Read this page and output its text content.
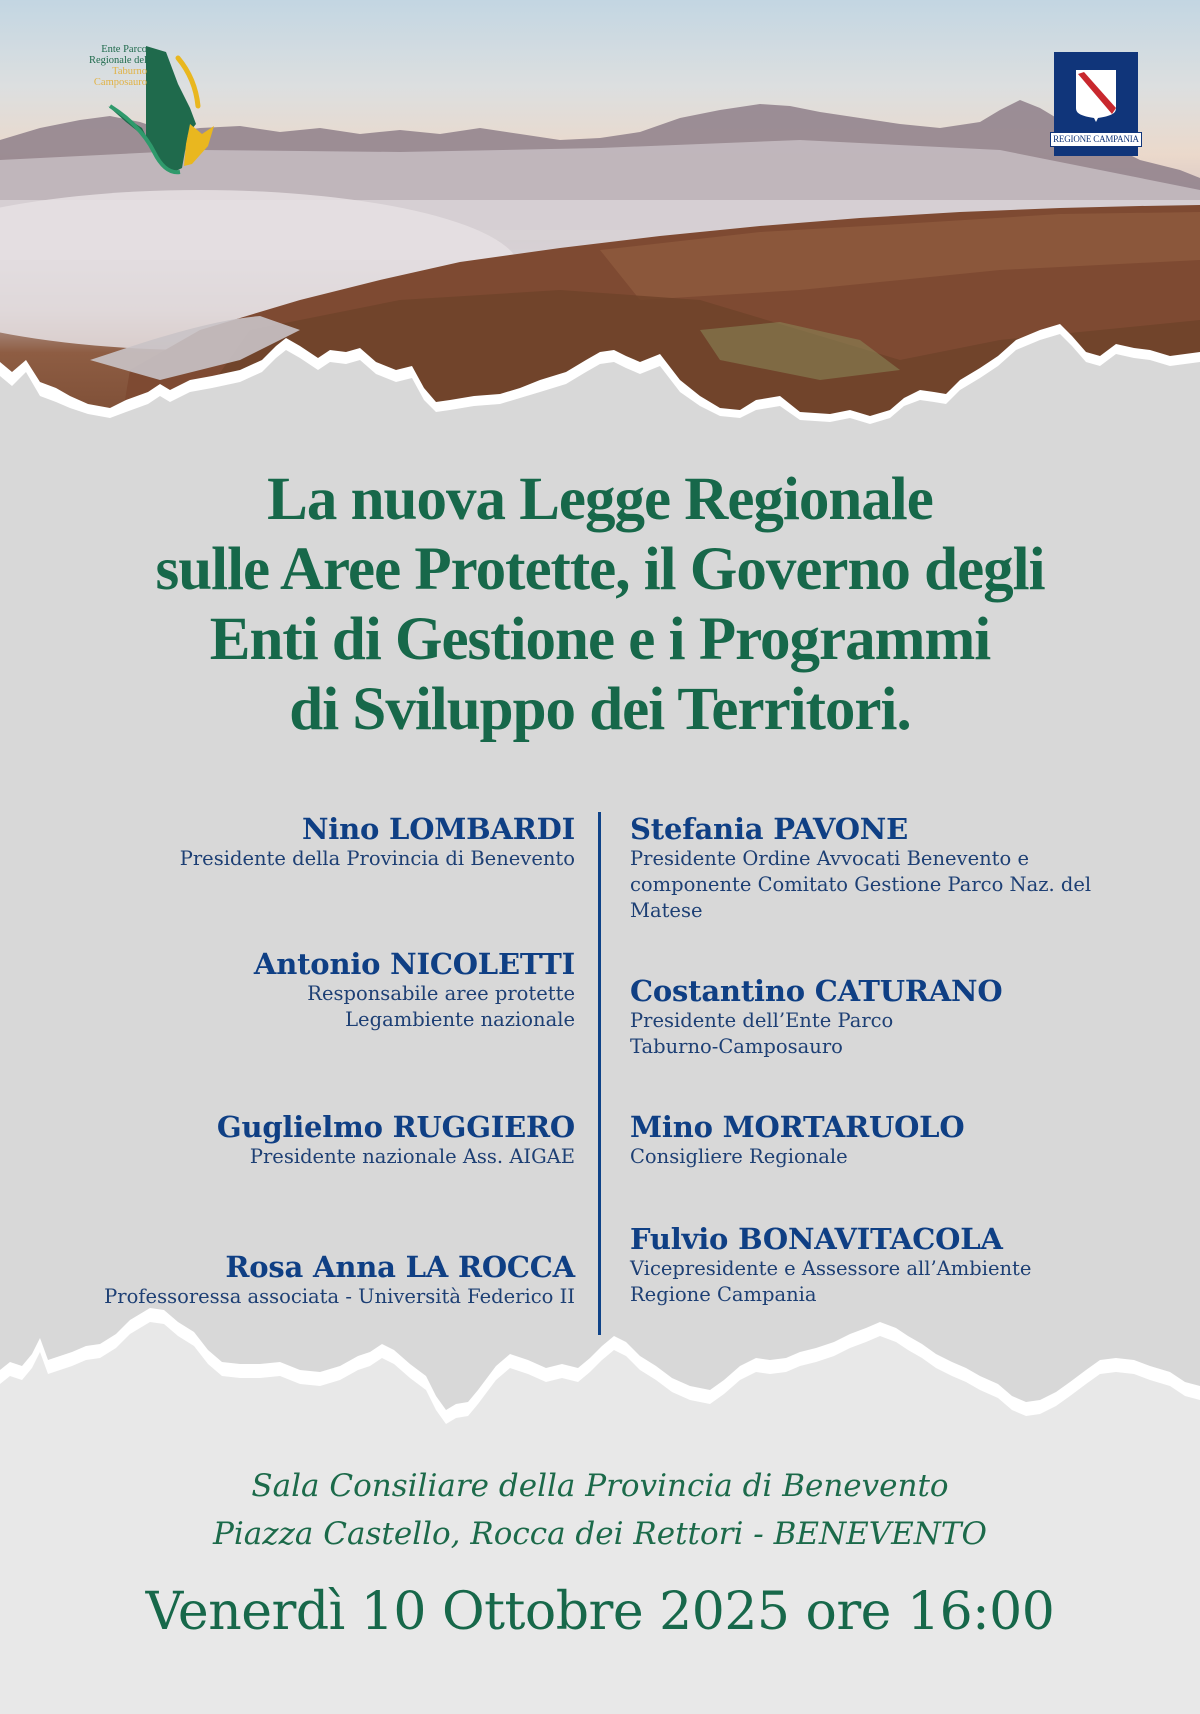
Ente Parco
Regionale del
Taburno
Camposauro
REGIONE CAMPANIA
La nuova Legge Regionale
sulle Aree Protette, il Governo degli
Enti di Gestione e i Programmi
di Sviluppo dei Territori.
Nino LOMBARDI
Presidente della Provincia di Benevento
Antonio NICOLETTI
Responsabile aree protette
Legambiente nazionale
Guglielmo RUGGIERO
Presidente nazionale Ass. AIGAE
Rosa Anna LA ROCCA
Professoressa associata - Università Federico II
Stefania PAVONE
Presidente Ordine Avvocati Benevento e
componente Comitato Gestione Parco Naz. del
Matese
Costantino CATURANO
Presidente dell’Ente Parco
Taburno-Camposauro
Mino MORTARUOLO
Consigliere Regionale
Fulvio BONAVITACOLA
Vicepresidente e Assessore all’Ambiente
Regione Campania
Sala Consiliare della Provincia di Benevento
Piazza Castello, Rocca dei Rettori - BENEVENTO
Venerdì 10 Ottobre 2025 ore 16:00
